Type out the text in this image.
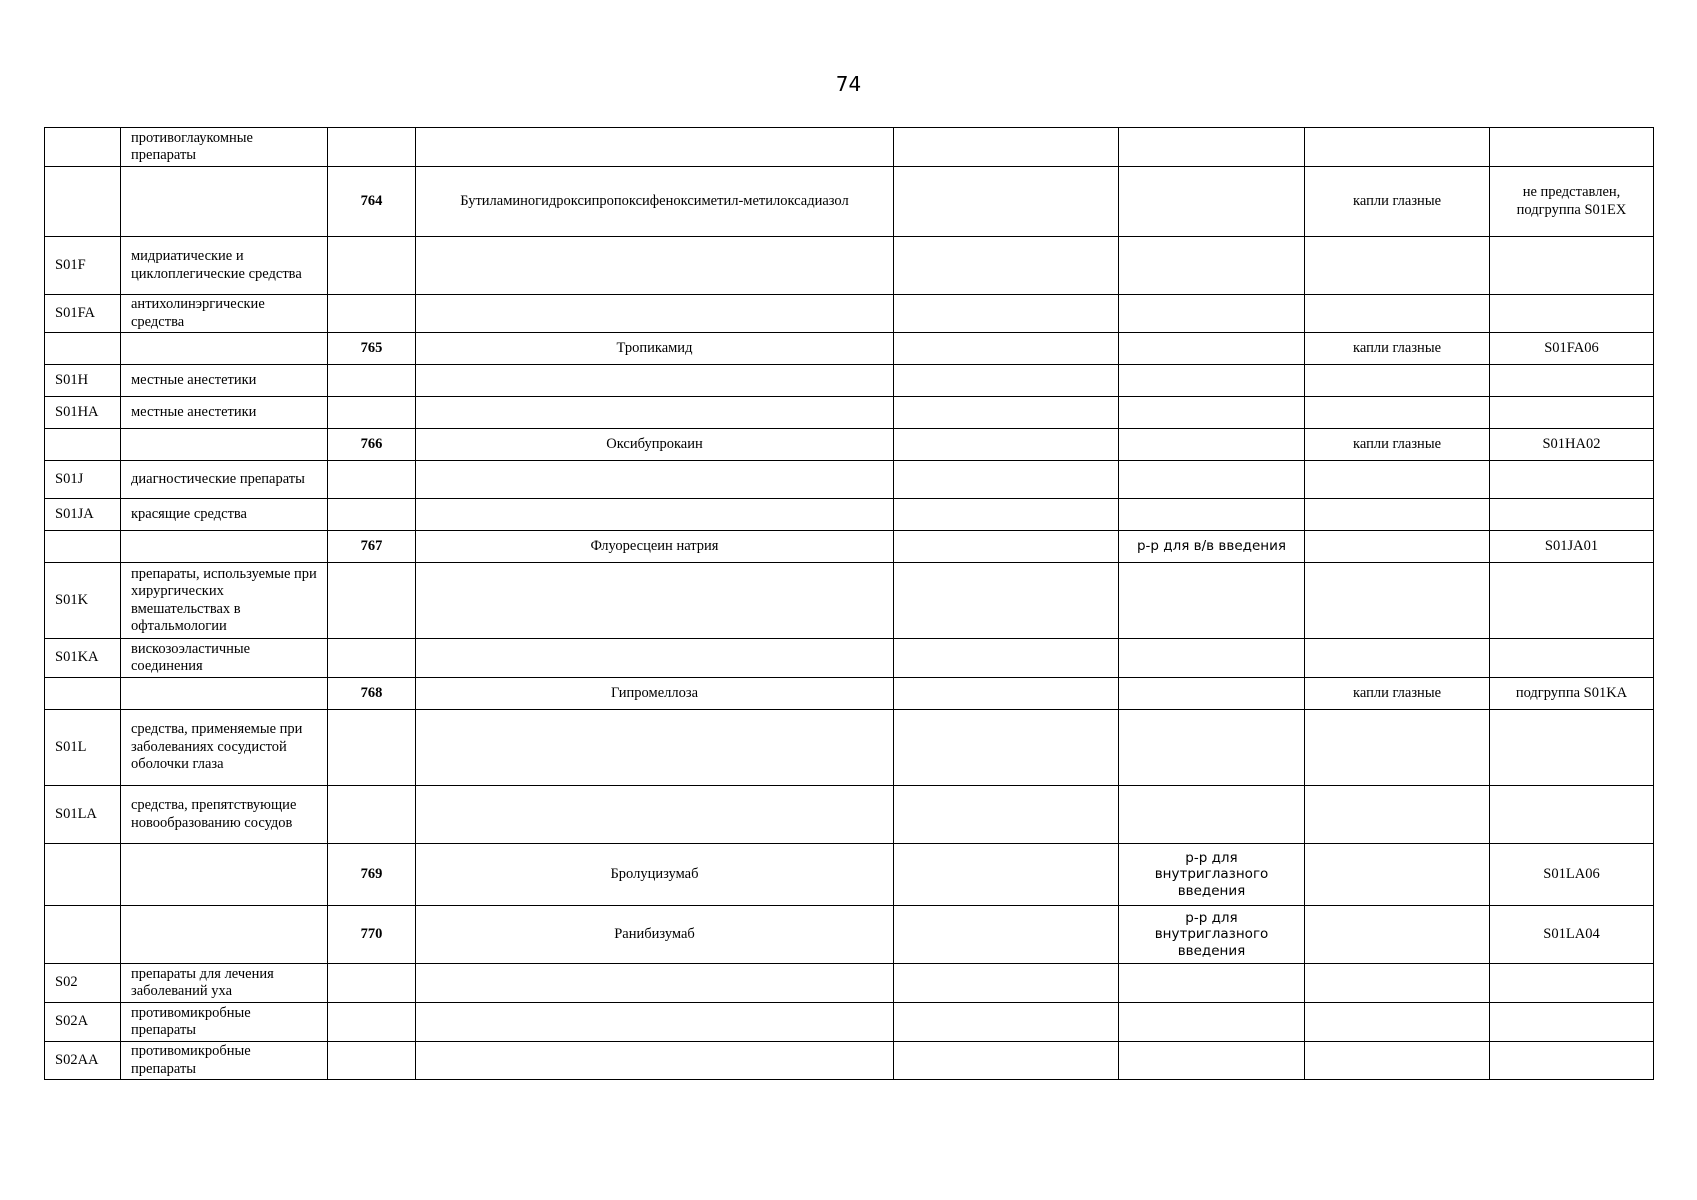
74
	противоглаукомные препараты						
		764	Бутиламиногидроксипропоксифеноксиметил-метилоксадиазол			капли глазные	не представлен, подгруппа S01EX
S01F	мидриатические и циклоплегические средства						
S01FA	антихолинэргические средства						
		765	Тропикамид			капли глазные	S01FA06
S01H	местные анестетики						
S01HA	местные анестетики						
		766	Оксибупрокаин			капли глазные	S01HA02
S01J	диагностические препараты						
S01JA	красящие средства						
		767	Флуоресцеин натрия		р-р для в/в введения		S01JA01
S01K	препараты, используемые при хирургических вмешательствах в офтальмологии						
S01KA	вискозоэластичные соединения						
		768	Гипромеллоза			капли глазные	подгруппа S01KA
S01L	средства, применяемые при заболеваниях сосудистой оболочки глаза						
S01LA	средства, препятствующие новообразованию сосудов						
		769	Бролуцизумаб		р-р для внутриглазного введения		S01LA06
		770	Ранибизумаб		р-р для внутриглазного введения		S01LA04
S02	препараты для лечения заболеваний уха						
S02A	противомикробные препараты						
S02AA	противомикробные препараты						
